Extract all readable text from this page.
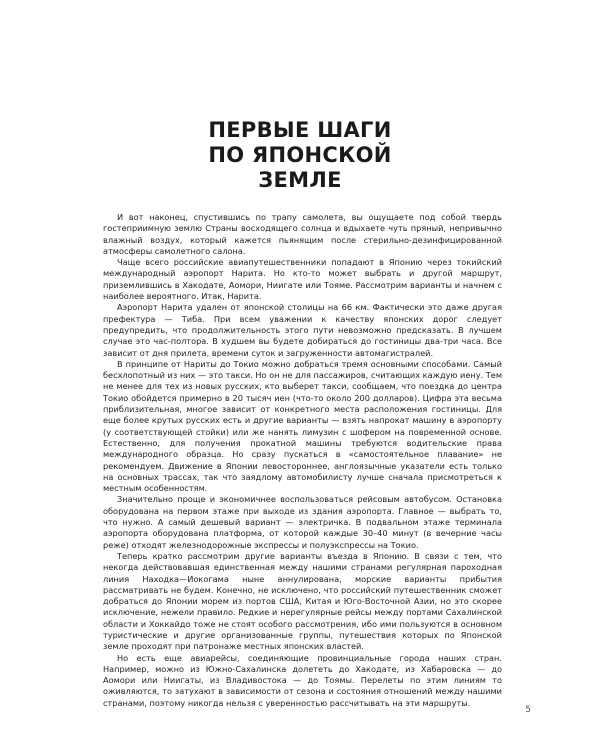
ПЕРВЫЕ ШАГИ
ПО ЯПОНСКОЙ
ЗЕМЛЕ

И вот наконец, спустившись по трапу самолета, вы ощущаете под собой твердь гостеприимную землю Страны восходящего солнца и вдыхаете чуть пряный, непривычно влажный воздух, который кажется пьянящим после стерильно-дезинфицированной атмосферы самолетного салона.

Чаще всего российские авиапутешественники попадают в Японию через токийский международный аэропорт Нарита. Но кто-то может выбрать и другой маршрут, приземлившись в Хакодате, Аомори, Ниигате или Тояме. Рассмотрим варианты и начнем с наиболее вероятного. Итак, Нарита.

Аэропорт Нарита удален от японской столицы на 66 км. Фактически это даже другая префектура — Тиба. При всем уважении к качеству японских дорог следует предупредить, что продолжительность этого пути невозможно предсказать. В лучшем случае это час-полтора. В худшем вы будете добираться до гостиницы два-три часа. Все зависит от дня прилета, времени суток и загруженности автомагистралей.

В принципе от Нариты до Токио можно добраться тремя основными способами. Самый бесхлопотный из них — это такси. Но он не для пассажиров, считающих каждую иену. Тем не менее для тех из новых русских, кто выберет такси, сообщаем, что поездка до центра Токио обойдется примерно в 20 тысяч иен (что-то около 200 долларов). Цифра эта весьма приблизительная, многое зависит от конкретного места расположения гостиницы. Для еще более крутых русских есть и другие варианты — взять напрокат машину в аэропорту (у соответствующей стойки) или же нанять лимузин с шофером на повременной основе. Естественно, для получения прокатной машины требуются водительские права международного образца. Но сразу пускаться в «самостоятельное плавание» не рекомендуем. Движение в Японии левостороннее, англоязычные указатели есть только на основных трассах, так что заядлому автомобилисту лучше сначала присмотреться к местным особенностям.

Значительно проще и экономичнее воспользоваться рейсовым автобусом. Остановка оборудована на первом этаже при выходе из здания аэропорта. Главное — выбрать то, что нужно. А самый дешевый вариант — электричка. В подвальном этаже терминала аэропорта оборудована платформа, от которой каждые 30–40 минут (в вечерние часы реже) отходят железнодорожные экспрессы и полуэкспрессы на Токио.

Теперь кратко рассмотрим другие варианты въезда в Японию. В связи с тем, что некогда действовавшая единственная между нашими странами регулярная пароходная линия Находка—Иокогама ныне аннулирована, морские варианты прибытия рассматривать не будем. Конечно, не исключено, что российский путешественник сможет добраться до Японии морем из портов США, Китая и Юго-Восточной Азии, но это скорее исключение, нежели правило. Редкие и нерегулярные рейсы между портами Сахалинской области и Хоккайдо тоже не стоят особого рассмотрения, ибо ими пользуются в основном туристические и другие организованные группы, путешествия которых по Японской земле проходят при патронаже местных японских властей.

Но есть еще авиарейсы, соединяющие провинциальные города наших стран. Например, можно из Южно-Сахалинска долететь до Хакодате, из Хабаровска — до Аомори или Ниигаты, из Владивостока — до Тоямы. Перелеты по этим линиям то оживляются, то затухают в зависимости от сезона и состояния отношений между нашими странами, поэтому никогда нельзя с уверенностью рассчитывать на эти маршруты.

5
